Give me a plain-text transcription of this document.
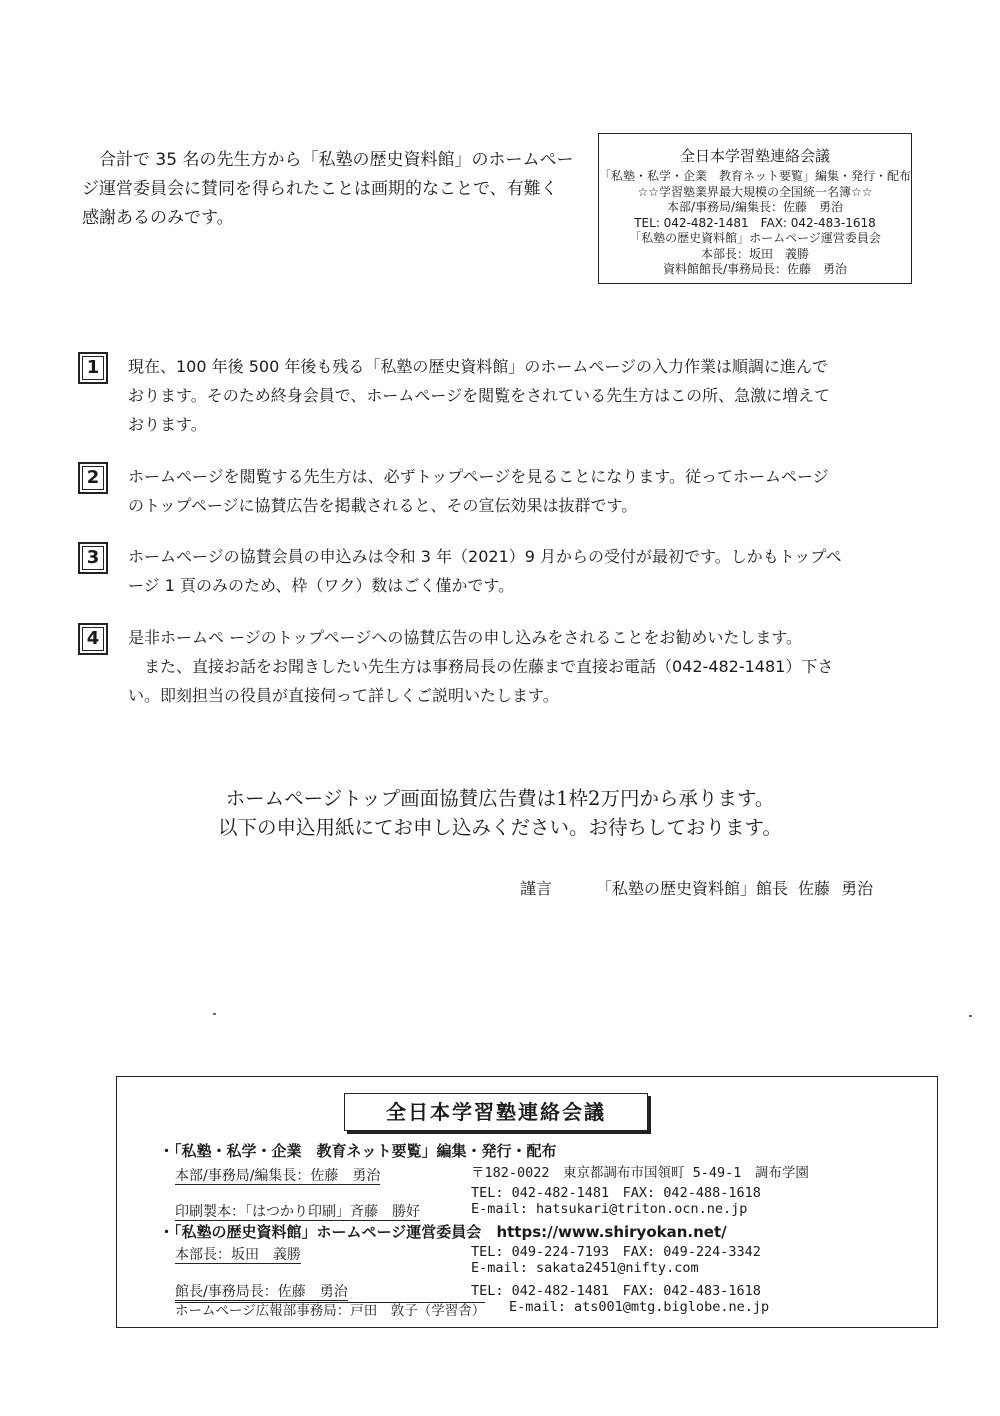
合計で 35 名の先生方から「私塾の歴史資料館」のホームペー

ジ運営委員会に賛同を得られたことは画期的なことで、有難く
感謝あるのみです。
全日本学習塾連絡会議
「私塾・私学・企業　教育ネット要覧」編集・発行・配布
☆☆学習塾業界最大規模の全国統一名簿☆☆
本部/事務局/編集長：佐藤　勇治
TEL: 042-482-1481　FAX: 042-483-1618
「私塾の歴史資料館」ホームページ運営委員会
本部長：坂田　義勝
資料館館長/事務局長：佐藤　勇治
1	現在、100 年後 500 年後も残る「私塾の歴史資料館」のホームページの入力作業は順調に進んで

おります。そのため終身会員で、ホームページを閲覧をされている先生方はこの所、急激に増えて

おります。

2	ホームページを閲覧する先生方は、必ずトップページを見ることになります。従ってホームページ

のトップページに協賛広告を掲載されると、その宣伝効果は抜群です。

3	ホームページの協賛会員の申込みは令和 3 年（2021）9 月からの受付が最初です。しかもトップペ

ージ 1 頁のみのため、枠（ワク）数はごく僅かです。

4	是非ホームペ ージのトップページへの協賛広告の申し込みをされることをお勧めいたします。

また、直接お話をお聞きしたい先生方は事務局長の佐藤まで直接お電話（042-482-1481）下さ

い。即刻担当の役員が直接伺って詳しくご説明いたします。

ホームページトップ画面協賛広告費は1枠2万円から承ります。
以下の申込用紙にてお申し込みください。お待ちしております。
謹言	「私塾の歴史資料館」館長 佐藤 勇治
全日本学習塾連絡会議
・「私塾・私学・企業　教育ネット要覧」編集・発行・配布
本部/事務局/編集長：佐藤　勇治	〒182-0022　東京都調布市国領町 5-49-1　調布学園
TEL: 042-482-1481　FAX: 042-488-1618
印刷製本：「はつかり印刷」斉藤　勝好	E-mail: hatsukari@triton.ocn.ne.jp
・「私塾の歴史資料館」ホームページ運営委員会 https://www.shiryokan.net/
本部長：坂田　義勝	TEL: 049-224-7193　FAX: 049-224-3342
E-mail: sakata2451@nifty.com
館長/事務局長：佐藤　勇治	TEL: 042-482-1481　FAX: 042-483-1618
ホームページ広報部事務局：戸田　敦子（学習舎） E-mail: ats001@mtg.biglobe.ne.jp
